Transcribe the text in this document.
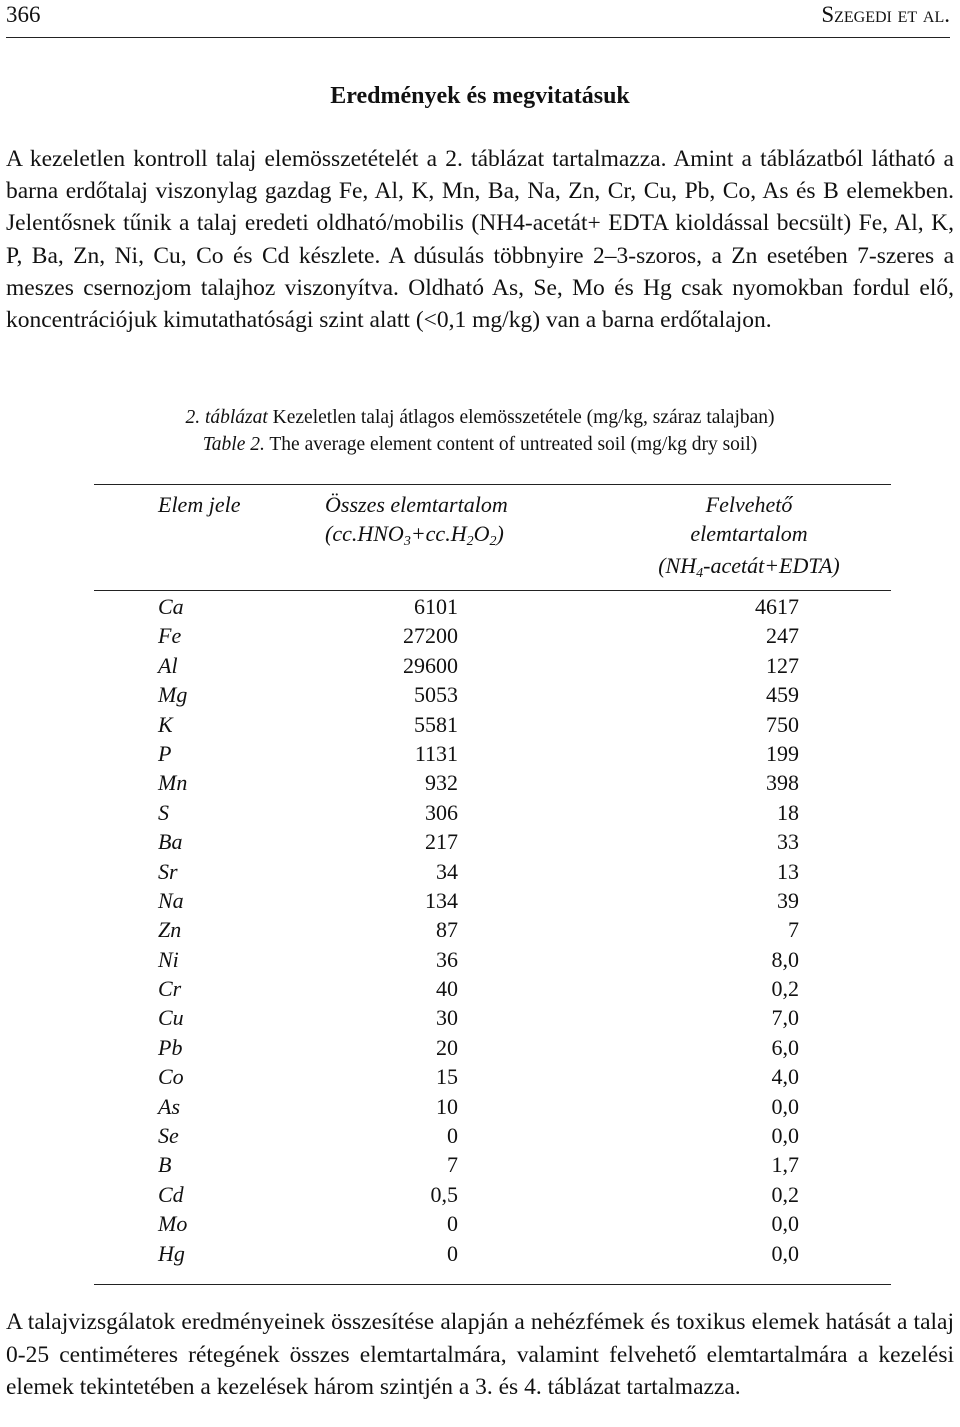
366	Szegedi et al.
Eredmények és megvitatásuk

A kezeletlen kontroll talaj elemösszetételét a 2. táblázat tartalmazza. Amint a táblázatból látható a barna erdőtalaj viszonylag gazdag Fe, Al, K, Mn, Ba, Na, Zn, Cr, Cu, Pb, Co, As és B elemekben. Jelentősnek tűnik a talaj eredeti oldható/mobilis (NH4-acetát+ EDTA kioldással becsült) Fe, Al, K, P, Ba, Zn, Ni, Cu, Co és Cd készlete. A dúsulás többnyire 2–3-szoros, a Zn esetében 7-szeres a meszes csernozjom talajhoz viszonyítva. Oldható As, Se, Mo és Hg csak nyomokban fordul elő, koncentrációjuk kimutathatósági szint alatt (<0,1 mg/kg) van a barna erdőtalajon.

2. táblázat Kezeletlen talaj átlagos elemösszetétele (mg/kg, száraz talajban)
Table 2. The average element content of untreated soil (mg/kg dry soil)
Elem jele	Összes elemtartalom
$(cc.HNO_3+cc.H_2O_2)$
Felvehető
elemtartalom
$(NH_4-acetát+EDTA)$
Ca	6101	4617
Fe	27200	247
Al	29600	127
Mg	5053	459
K	5581	750
P	1131	199
Mn	932	398
S	306	18
Ba	217	33
Sr	34	13
Na	134	39
Zn	87	7
Ni	36	8,0
Cr	40	0,2
Cu	30	7,0
Pb	20	6,0
Co	15	4,0
As	10	0,0
Se	0	0,0
B	7	1,7
Cd	0,5	0,2
Mo	0	0,0
Hg	0	0,0

A talajvizsgálatok eredményeinek összesítése alapján a nehézfémek és toxikus elemek hatását a talaj 0-25 centiméteres rétegének összes elemtartalmára, valamint felvehető elemtartalmára a kezelési elemek tekintetében a kezelések három szintjén a 3. és 4. táblázat tartalmazza.
